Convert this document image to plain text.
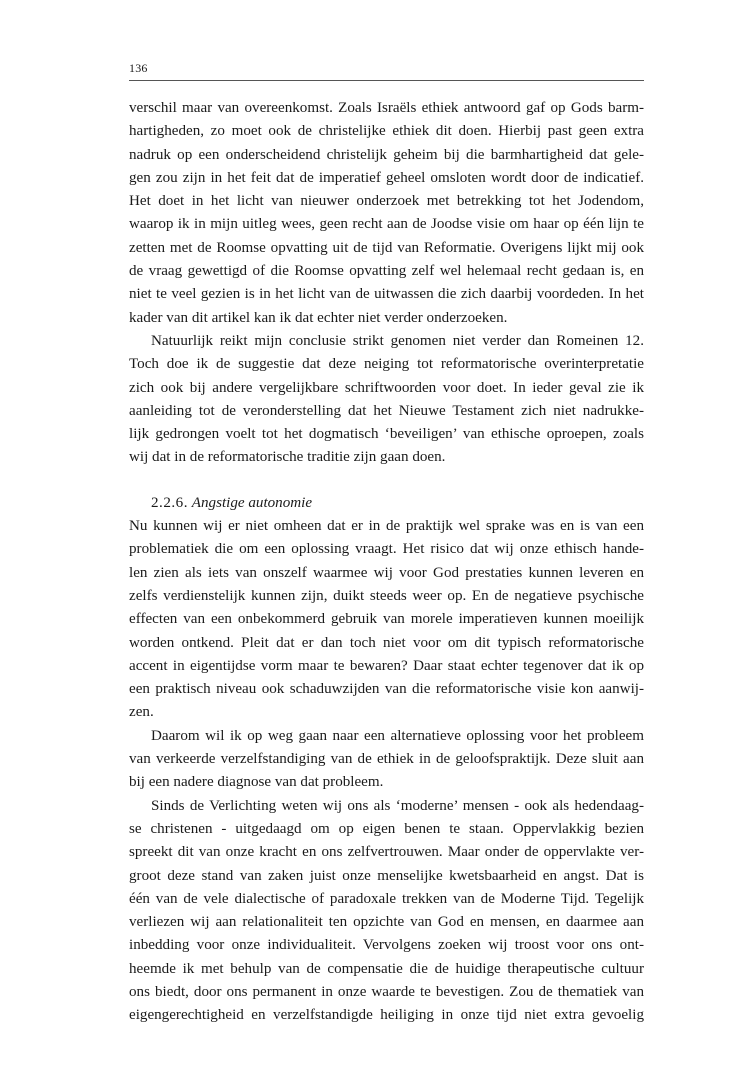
136
verschil maar van overeenkomst. Zoals Israëls ethiek antwoord gaf op Gods barm-
hartigheden, zo moet ook de christelijke ethiek dit doen. Hierbij past geen extra
nadruk op een onderscheidend christelijk geheim bij die barmhartigheid dat gele-
gen zou zijn in het feit dat de imperatief geheel omsloten wordt door de indicatief.
Het doet in het licht van nieuwer onderzoek met betrekking tot het Jodendom,
waarop ik in mijn uitleg wees, geen recht aan de Joodse visie om haar op één lijn te
zetten met de Roomse opvatting uit de tijd van Reformatie. Overigens lijkt mij ook
de vraag gewettigd of die Roomse opvatting zelf wel helemaal recht gedaan is, en
niet te veel gezien is in het licht van de uitwassen die zich daarbij voordeden. In het
kader van dit artikel kan ik dat echter niet verder onderzoeken.
Natuurlijk reikt mijn conclusie strikt genomen niet verder dan Romeinen 12.
Toch doe ik de suggestie dat deze neiging tot reformatorische overinterpretatie
zich ook bij andere vergelijkbare schriftwoorden voor doet. In ieder geval zie ik
aanleiding tot de veronderstelling dat het Nieuwe Testament zich niet nadrukke-
lijk gedrongen voelt tot het dogmatisch ‘beveiligen’ van ethische oproepen, zoals
wij dat in de reformatorische traditie zijn gaan doen.
2.2.6. Angstige autonomie
Nu kunnen wij er niet omheen dat er in de praktijk wel sprake was en is van een
problematiek die om een oplossing vraagt. Het risico dat wij onze ethisch hande-
len zien als iets van onszelf waarmee wij voor God prestaties kunnen leveren en
zelfs verdienstelijk kunnen zijn, duikt steeds weer op. En de negatieve psychische
effecten van een onbekommerd gebruik van morele imperatieven kunnen moeilijk
worden ontkend. Pleit dat er dan toch niet voor om dit typisch reformatorische
accent in eigentijdse vorm maar te bewaren? Daar staat echter tegenover dat ik op
een praktisch niveau ook schaduwzijden van die reformatorische visie kon aanwij-
zen.
Daarom wil ik op weg gaan naar een alternatieve oplossing voor het probleem
van verkeerde verzelfstandiging van de ethiek in de geloofspraktijk. Deze sluit aan
bij een nadere diagnose van dat probleem.
Sinds de Verlichting weten wij ons als ‘moderne’ mensen - ook als hedendaag-
se christenen - uitgedaagd om op eigen benen te staan. Oppervlakkig bezien
spreekt dit van onze kracht en ons zelfvertrouwen. Maar onder de oppervlakte ver-
groot deze stand van zaken juist onze menselijke kwetsbaarheid en angst. Dat is
één van de vele dialectische of paradoxale trekken van de Moderne Tijd. Tegelijk
verliezen wij aan relationaliteit ten opzichte van God en mensen, en daarmee aan
inbedding voor onze individualiteit. Vervolgens zoeken wij troost voor ons ont-
heemde ik met behulp van de compensatie die de huidige therapeutische cultuur
ons biedt, door ons permanent in onze waarde te bevestigen. Zou de thematiek van
eigengerechtigheid en verzelfstandigde heiliging in onze tijd niet extra gevoelig
